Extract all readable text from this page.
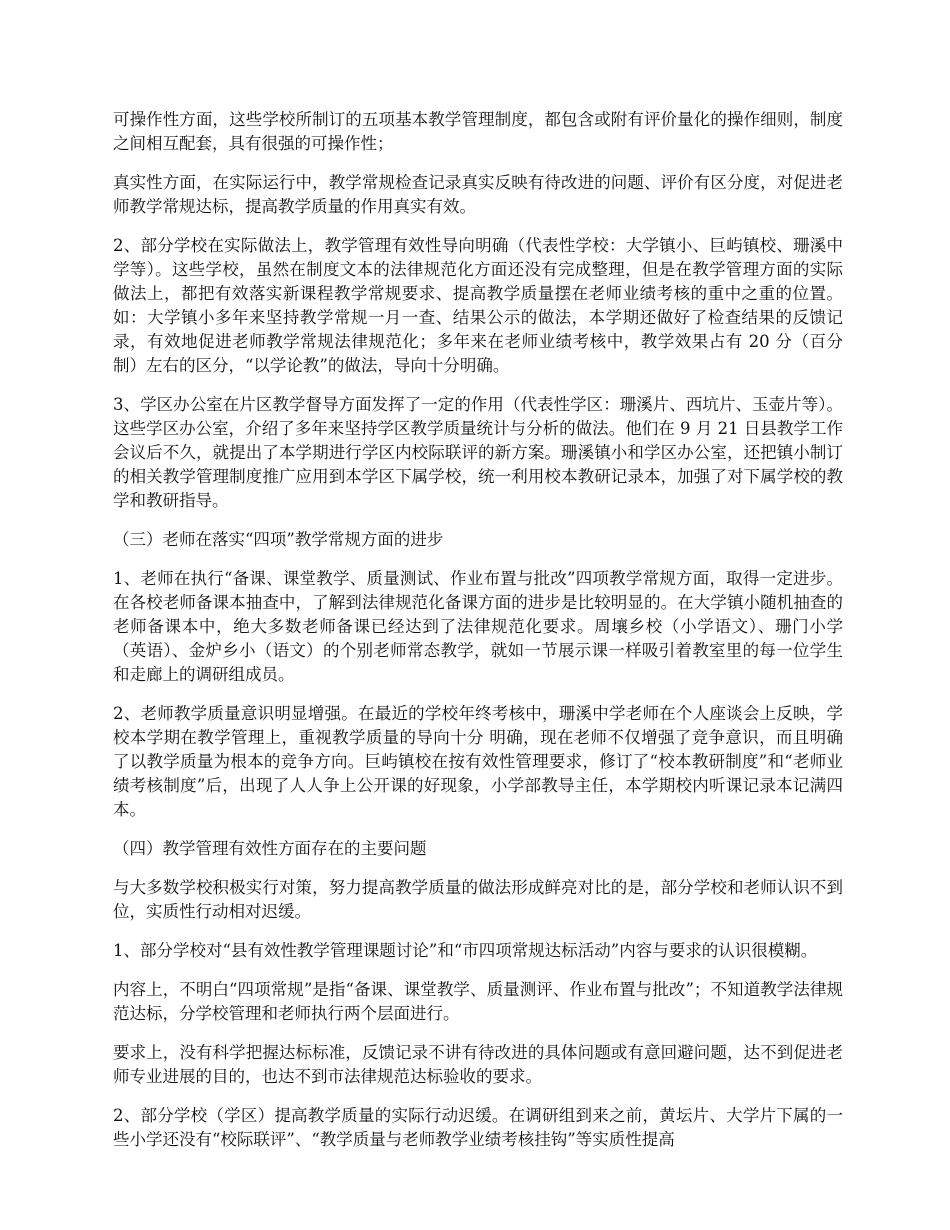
可操作性方面，这些学校所制订的五项基本教学管理制度，都包含或附有评价量化的操作细则，制度之间相互配套，具有很强的可操作性；

真实性方面，在实际运行中，教学常规检查记录真实反映有待改进的问题、评价有区分度，对促进老师教学常规达标，提高教学质量的作用真实有效。

2、部分学校在实际做法上，教学管理有效性导向明确（代表性学校：大学镇小、巨屿镇校、珊溪中学等）。这些学校，虽然在制度文本的法律规范化方面还没有完成整理，但是在教学管理方面的实际做法上，都把有效落实新课程教学常规要求、提高教学质量摆在老师业绩考核的重中之重的位置。如：大学镇小多年来坚持教学常规一月一查、结果公示的做法，本学期还做好了检查结果的反馈记录，有效地促进老师教学常规法律规范化；多年来在老师业绩考核中，教学效果占有 20 分（百分制）左右的区分，“以学论教”的做法，导向十分明确。

3、学区办公室在片区教学督导方面发挥了一定的作用（代表性学区：珊溪片、西坑片、玉壶片等）。这些学区办公室，介绍了多年来坚持学区教学质量统计与分析的做法。他们在 9 月 21 日县教学工作会议后不久，就提出了本学期进行学区内校际联评的新方案。珊溪镇小和学区办公室，还把镇小制订的相关教学管理制度推广应用到本学区下属学校，统一利用校本教研记录本，加强了对下属学校的教学和教研指导。

（三）老师在落实“四项”教学常规方面的进步

1、老师在执行“备课、课堂教学、质量测试、作业布置与批改”四项教学常规方面，取得一定进步。在各校老师备课本抽查中，了解到法律规范化备课方面的进步是比较明显的。在大学镇小随机抽查的老师备课本中，绝大多数老师备课已经达到了法律规范化要求。周壤乡校（小学语文）、珊门小学（英语）、金炉乡小（语文）的个别老师常态教学，就如一节展示课一样吸引着教室里的每一位学生和走廊上的调研组成员。

2、老师教学质量意识明显增强。在最近的学校年终考核中，珊溪中学老师在个人座谈会上反映，学校本学期在教学管理上，重视教学质量的导向十分 明确，现在老师不仅增强了竞争意识，而且明确了以教学质量为根本的竞争方向。巨屿镇校在按有效性管理要求，修订了“校本教研制度”和“老师业绩考核制度”后，出现了人人争上公开课的好现象，小学部教导主任，本学期校内听课记录本记满四本。

（四）教学管理有效性方面存在的主要问题

与大多数学校积极实行对策，努力提高教学质量的做法形成鲜亮对比的是，部分学校和老师认识不到位，实质性行动相对迟缓。

1、部分学校对“县有效性教学管理课题讨论”和“市四项常规达标活动”内容与要求的认识很模糊。

内容上，不明白“四项常规”是指“备课、课堂教学、质量测评、作业布置与批改”；不知道教学法律规范达标，分学校管理和老师执行两个层面进行。

要求上，没有科学把握达标标准，反馈记录不讲有待改进的具体问题或有意回避问题，达不到促进老师专业进展的目的，也达不到市法律规范达标验收的要求。

2、部分学校（学区）提高教学质量的实际行动迟缓。在调研组到来之前，黄坛片、大学片下属的一些小学还没有“校际联评”、“教学质量与老师教学业绩考核挂钩”等实质性提高
